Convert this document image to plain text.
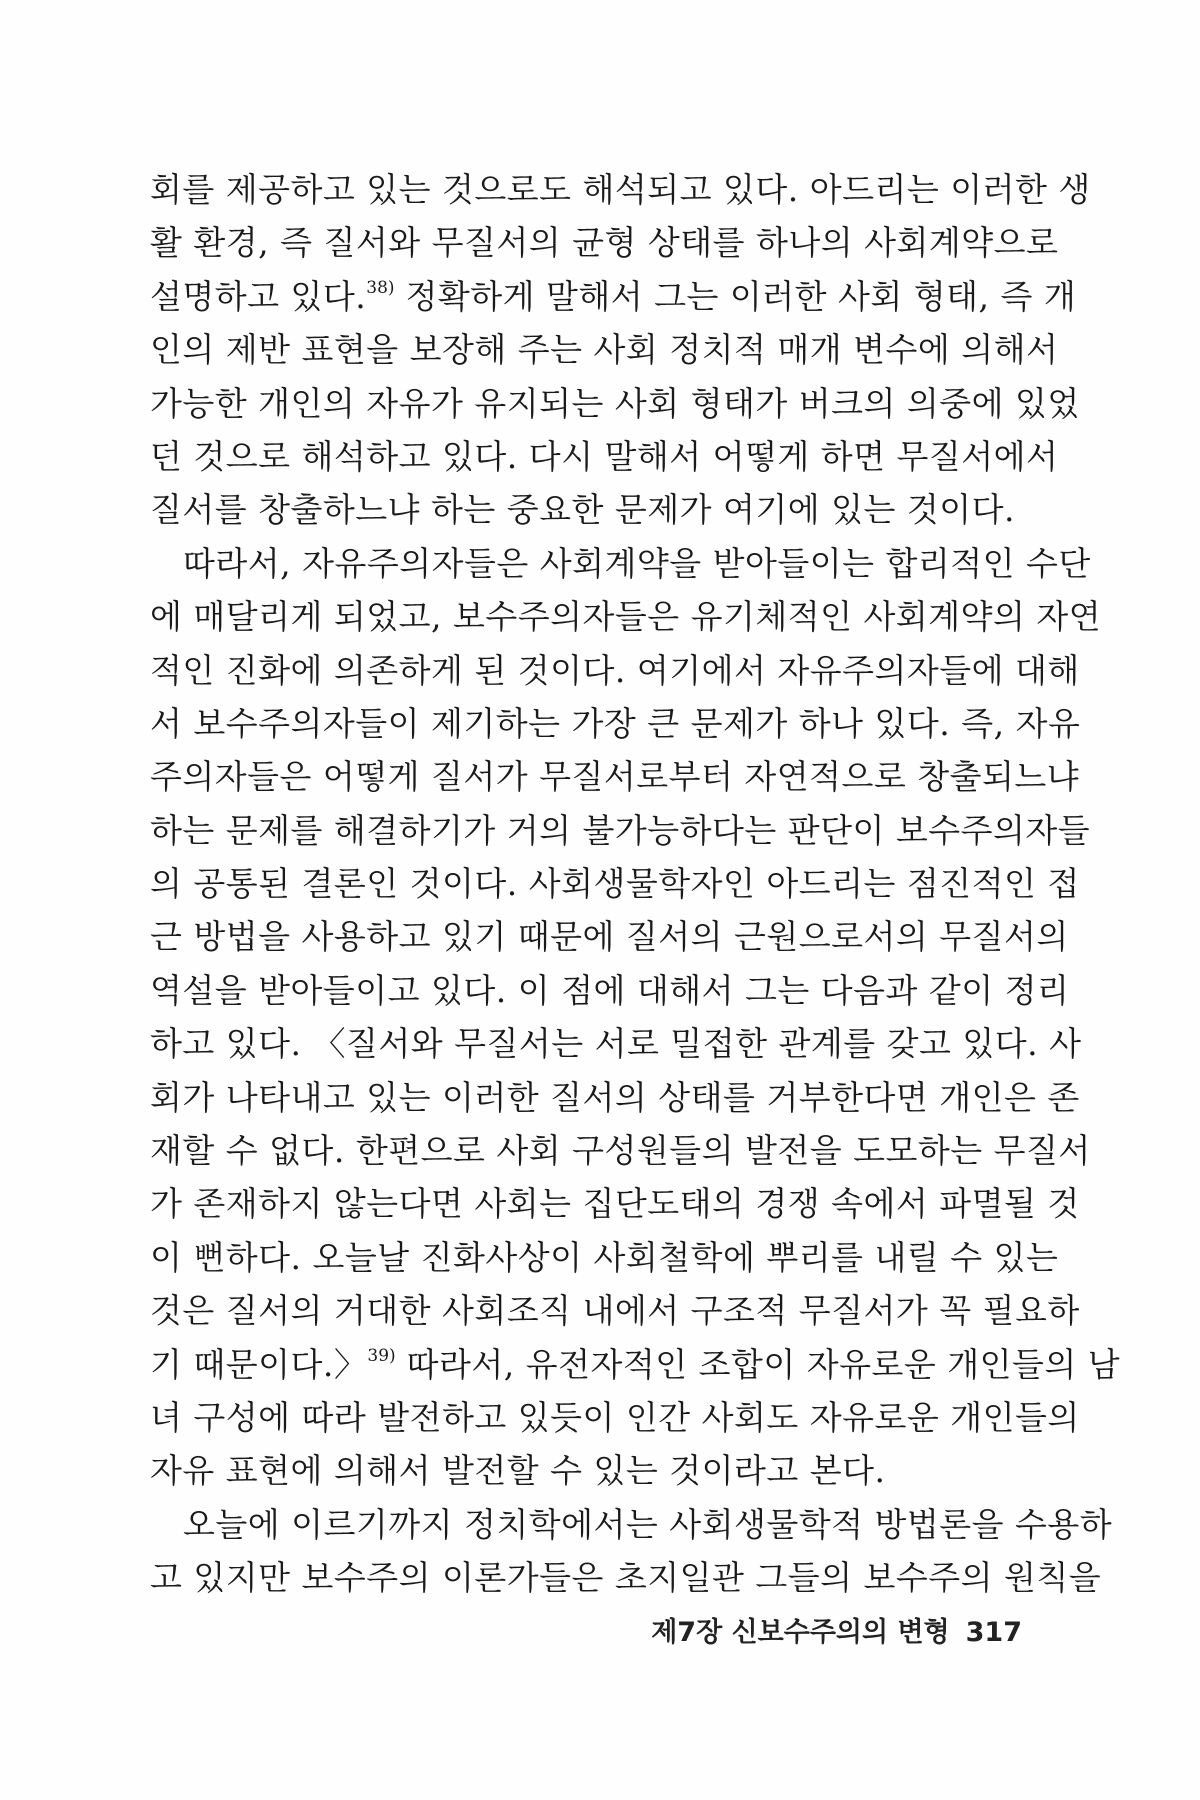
회를 제공하고 있는 것으로도 해석되고 있다. 아드리는 이러한 생
활 환경, 즉 질서와 무질서의 균형 상태를 하나의 사회계약으로
설명하고 있다.$^{38)}$ 정확하게 말해서 그는 이러한 사회 형태, 즉 개
인의 제반 표현을 보장해 주는 사회 정치적 매개 변수에 의해서
가능한 개인의 자유가 유지되는 사회 형태가 버크의 의중에 있었
던 것으로 해석하고 있다. 다시 말해서 어떻게 하면 무질서에서
질서를 창출하느냐 하는 중요한 문제가 여기에 있는 것이다.
따라서, 자유주의자들은 사회계약을 받아들이는 합리적인 수단
에 매달리게 되었고, 보수주의자들은 유기체적인 사회계약의 자연
적인 진화에 의존하게 된 것이다. 여기에서 자유주의자들에 대해
서 보수주의자들이 제기하는 가장 큰 문제가 하나 있다. 즉, 자유
주의자들은 어떻게 질서가 무질서로부터 자연적으로 창출되느냐
하는 문제를 해결하기가 거의 불가능하다는 판단이 보수주의자들
의 공통된 결론인 것이다. 사회생물학자인 아드리는 점진적인 접
근 방법을 사용하고 있기 때문에 질서의 근원으로서의 무질서의
역설을 받아들이고 있다. 이 점에 대해서 그는 다음과 같이 정리
하고 있다. 〈질서와 무질서는 서로 밀접한 관계를 갖고 있다. 사
회가 나타내고 있는 이러한 질서의 상태를 거부한다면 개인은 존
재할 수 없다. 한편으로 사회 구성원들의 발전을 도모하는 무질서
가 존재하지 않는다면 사회는 집단도태의 경쟁 속에서 파멸될 것
이 뻔하다. 오늘날 진화사상이 사회철학에 뿌리를 내릴 수 있는
것은 질서의 거대한 사회조직 내에서 구조적 무질서가 꼭 필요하
기 때문이다.〉$^{39)}$ 따라서, 유전자적인 조합이 자유로운 개인들의 남
녀 구성에 따라 발전하고 있듯이 인간 사회도 자유로운 개인들의
자유 표현에 의해서 발전할 수 있는 것이라고 본다.
오늘에 이르기까지 정치학에서는 사회생물학적 방법론을 수용하
고 있지만 보수주의 이론가들은 초지일관 그들의 보수주의 원칙을
제7장 신보수주의의 변형 317
